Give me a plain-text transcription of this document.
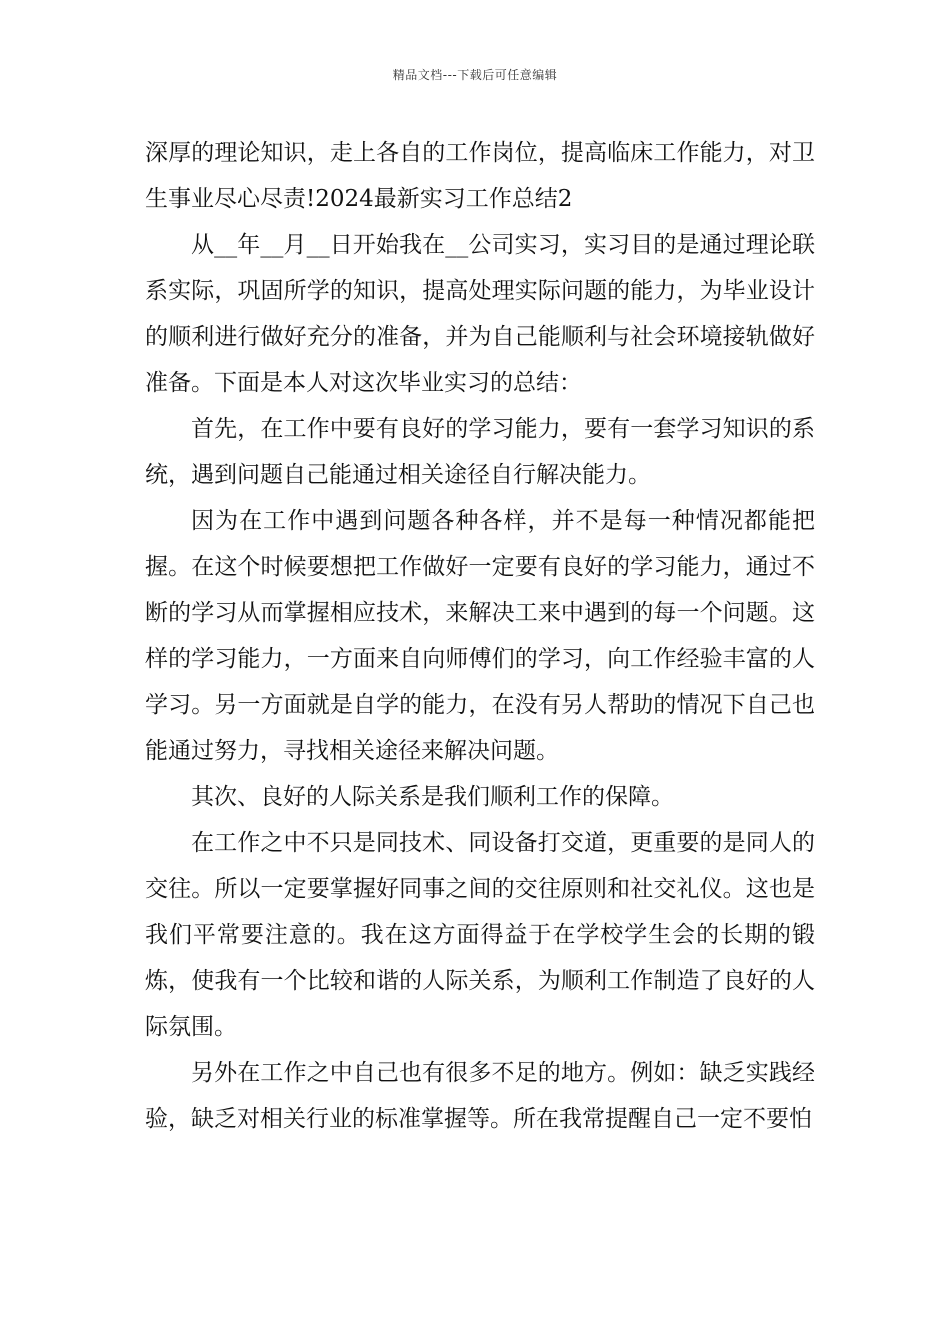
精品文档---下载后可任意编辑

深厚的理论知识，走上各自的工作岗位，提高临床工作能力，对卫生事业尽心尽责!2024最新实习工作总结2

从__年__月__日开始我在__公司实习，实习目的是通过理论联系实际，巩固所学的知识，提高处理实际问题的能力，为毕业设计的顺利进行做好充分的准备，并为自己能顺利与社会环境接轨做好准备。下面是本人对这次毕业实习的总结：

首先，在工作中要有良好的学习能力，要有一套学习知识的系统，遇到问题自己能通过相关途径自行解决能力。

因为在工作中遇到问题各种各样，并不是每一种情况都能把握。在这个时候要想把工作做好一定要有良好的学习能力，通过不断的学习从而掌握相应技术，来解决工来中遇到的每一个问题。这样的学习能力，一方面来自向师傅们的学习，向工作经验丰富的人学习。另一方面就是自学的能力，在没有另人帮助的情况下自己也能通过努力，寻找相关途径来解决问题。

其次、良好的人际关系是我们顺利工作的保障。

在工作之中不只是同技术、同设备打交道，更重要的是同人的交往。所以一定要掌握好同事之间的交往原则和社交礼仪。这也是我们平常要注意的。我在这方面得益于在学校学生会的长期的锻炼，使我有一个比较和谐的人际关系，为顺利工作制造了良好的人际氛围。

另外在工作之中自己也有很多不足的地方。例如：缺乏实践经验，缺乏对相关行业的标准掌握等。所在我常提醒自己一定不要怕
